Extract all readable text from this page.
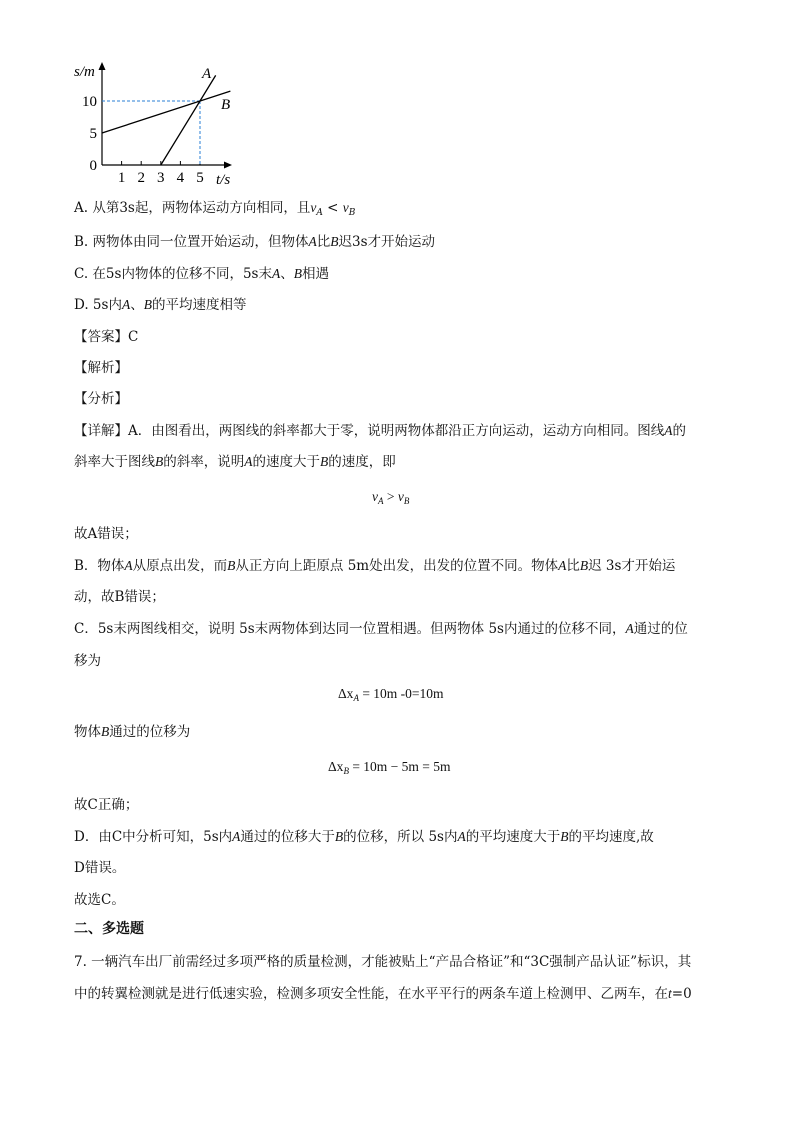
s/m
t/s
10
5
0
1 2 3 4 5
A
B
A. 从第3s起，两物体运动方向相同，且$v_A < v_B$
B. 两物体由同一位置开始运动，但物体A比B迟3s才开始运动
C. 在5s内物体的位移不同，5s末A、B相遇
D. 5s内A、B的平均速度相等
【答案】C
【解析】
【分析】
【详解】A．由图看出，两图线的斜率都大于零，说明两物体都沿正方向运动，运动方向相同。图线A的
斜率大于图线B的斜率，说明A的速度大于B的速度，即
$v_A > v_B$
故A错误；
B．物体A从原点出发，而B从正方向上距原点 5m处出发，出发的位置不同。物体A比B迟 3s才开始运
动，故B错误；
C．5s末两图线相交，说明 5s末两物体到达同一位置相遇。但两物体 5s内通过的位移不同，A通过的位
移为
$\Delta x_A = 10m$ -0=10m
物体B通过的位移为
$\Delta x_B = 10m - 5m = 5m$
故C正确；
D．由C中分析可知，5s内A通过的位移大于B的位移，所以 5s内A的平均速度大于B的平均速度,故
D错误。
故选C。
二、多选题
7. 一辆汽车出厂前需经过多项严格的质量检测，才能被贴上“产品合格证”和“3C强制产品认证”标识，其
中的转翼检测就是进行低速实验，检测多项安全性能，在水平平行的两条车道上检测甲、乙两车，在t=0
